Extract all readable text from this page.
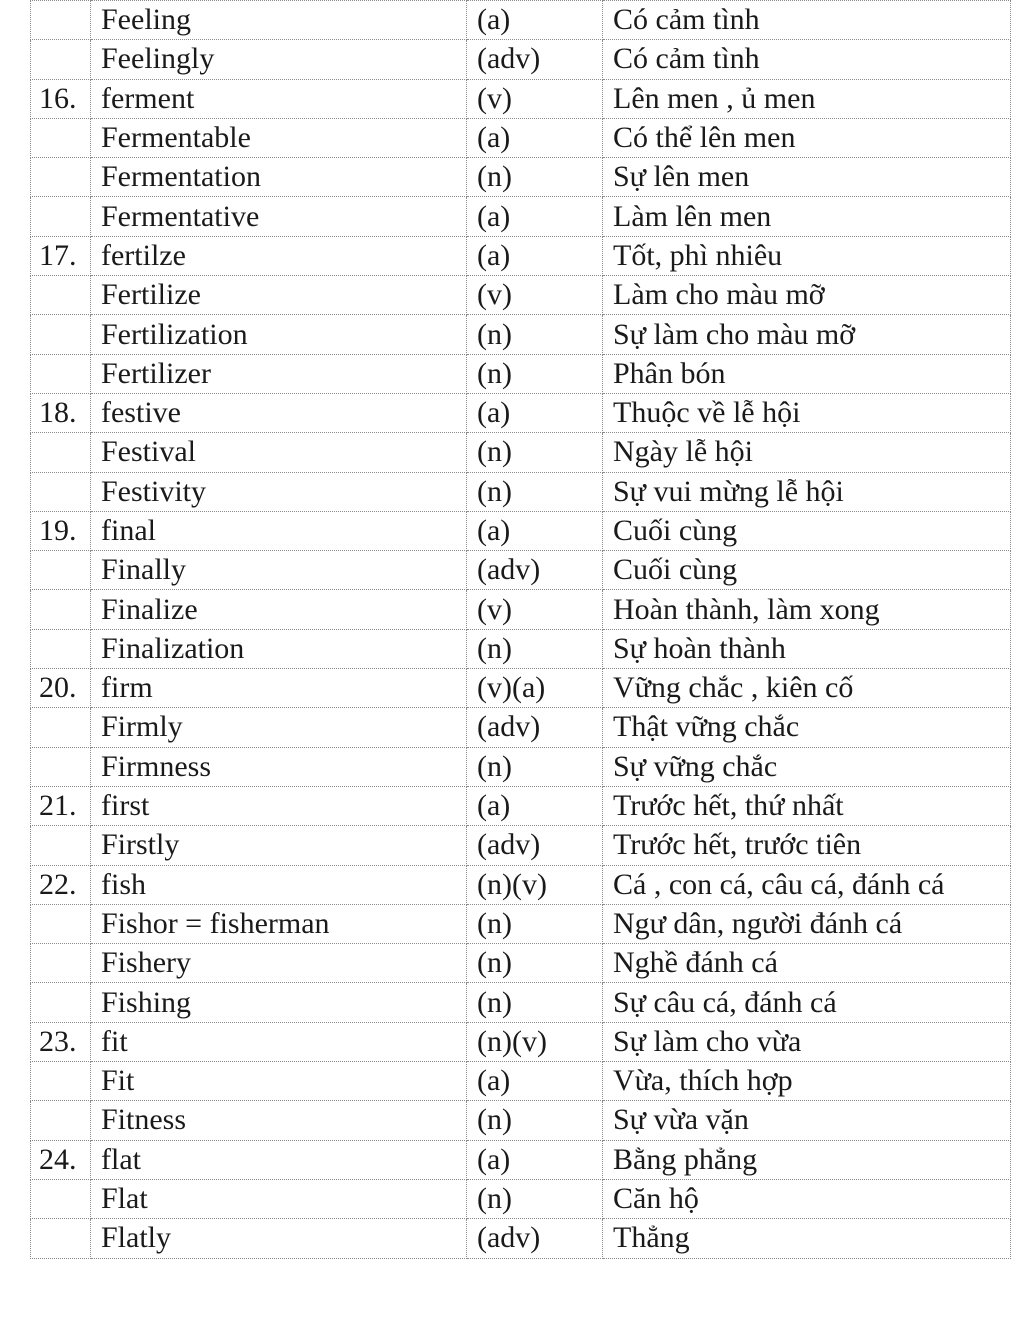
	Feeling	(a)	Có cảm tình
	Feelingly	(adv)	Có cảm tình
16.	ferment	(v)	Lên men , ủ men
	Fermentable	(a)	Có thể lên men
	Fermentation	(n)	Sự lên men
	Fermentative	(a)	Làm lên men
17.	fertilze	(a)	Tốt, phì nhiêu
	Fertilize	(v)	Làm cho màu mỡ
	Fertilization	(n)	Sự làm cho màu mỡ
	Fertilizer	(n)	Phân bón
18.	festive	(a)	Thuộc về lễ hội
	Festival	(n)	Ngày lễ hội
	Festivity	(n)	Sự vui mừng lễ hội
19.	final	(a)	Cuối cùng
	Finally	(adv)	Cuối cùng
	Finalize	(v)	Hoàn thành, làm xong
	Finalization	(n)	Sự hoàn thành
20.	firm	(v)(a)	Vững chắc , kiên cố
	Firmly	(adv)	Thật vững chắc
	Firmness	(n)	Sự vững chắc
21.	first	(a)	Trước hết, thứ nhất
	Firstly	(adv)	Trước hết, trước tiên
22.	fish	(n)(v)	Cá , con cá, câu cá, đánh cá
	Fishor = fisherman	(n)	Ngư dân, người đánh cá
	Fishery	(n)	Nghề đánh cá
	Fishing	(n)	Sự câu cá, đánh cá
23.	fit	(n)(v)	Sự làm cho vừa
	Fit	(a)	Vừa, thích hợp
	Fitness	(n)	Sự vừa vặn
24.	flat	(a)	Bằng phẳng
	Flat	(n)	Căn hộ
	Flatly	(adv)	Thẳng
